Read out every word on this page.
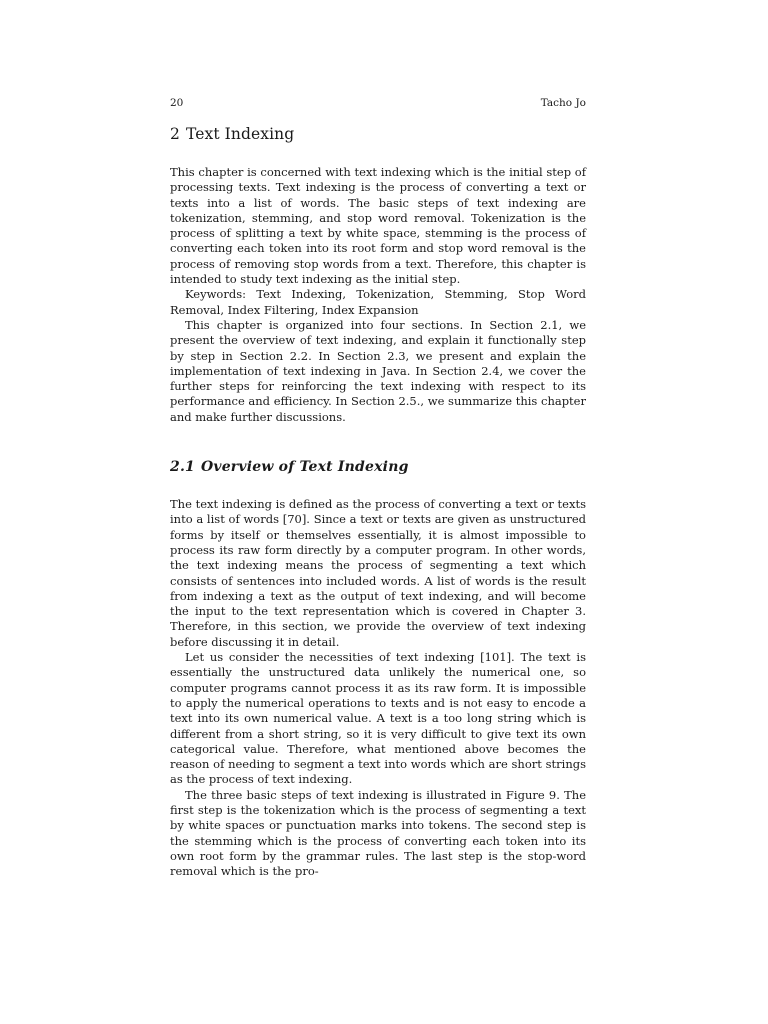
20	Tacho Jo
2 Text Indexing

This chapter is concerned with text indexing which is the initial step of processing texts. Text indexing is the process of converting a text or texts into a list of words. The basic steps of text indexing are tokenization, stemming, and stop word removal. Tokenization is the process of splitting a text by white space, stemming is the process of converting each token into its root form and stop word removal is the process of removing stop words from a text. Therefore, this chapter is intended to study text indexing as the initial step.

Keywords: Text Indexing, Tokenization, Stemming, Stop Word Removal, Index Filtering, Index Expansion

This chapter is organized into four sections. In Section 2.1, we present the overview of text indexing, and explain it functionally step by step in Section 2.2. In Section 2.3, we present and explain the implementation of text indexing in Java. In Section 2.4, we cover the further steps for reinforcing the text indexing with respect to its performance and efficiency. In Section 2.5., we summarize this chapter and make further discussions.

2.1 Overview of Text Indexing

The text indexing is defined as the process of converting a text or texts into a list of words [70]. Since a text or texts are given as unstructured forms by itself or themselves essentially, it is almost impossible to process its raw form directly by a computer program. In other words, the text indexing means the process of segmenting a text which consists of sentences into included words. A list of words is the result from indexing a text as the output of text indexing, and will become the input to the text representation which is covered in Chapter 3. Therefore, in this section, we provide the overview of text indexing before discussing it in detail.

Let us consider the necessities of text indexing [101]. The text is essentially the unstructured data unlikely the numerical one, so computer programs cannot process it as its raw form. It is impossible to apply the numerical operations to texts and is not easy to encode a text into its own numerical value. A text is a too long string which is different from a short string, so it is very difficult to give text its own categorical value. Therefore, what mentioned above becomes the reason of needing to segment a text into words which are short strings as the process of text indexing.

The three basic steps of text indexing is illustrated in Figure 9. The first step is the tokenization which is the process of segmenting a text by white spaces or punctuation marks into tokens. The second step is the stemming which is the process of converting each token into its own root form by the grammar rules. The last step is the stop-word removal which is the pro-
